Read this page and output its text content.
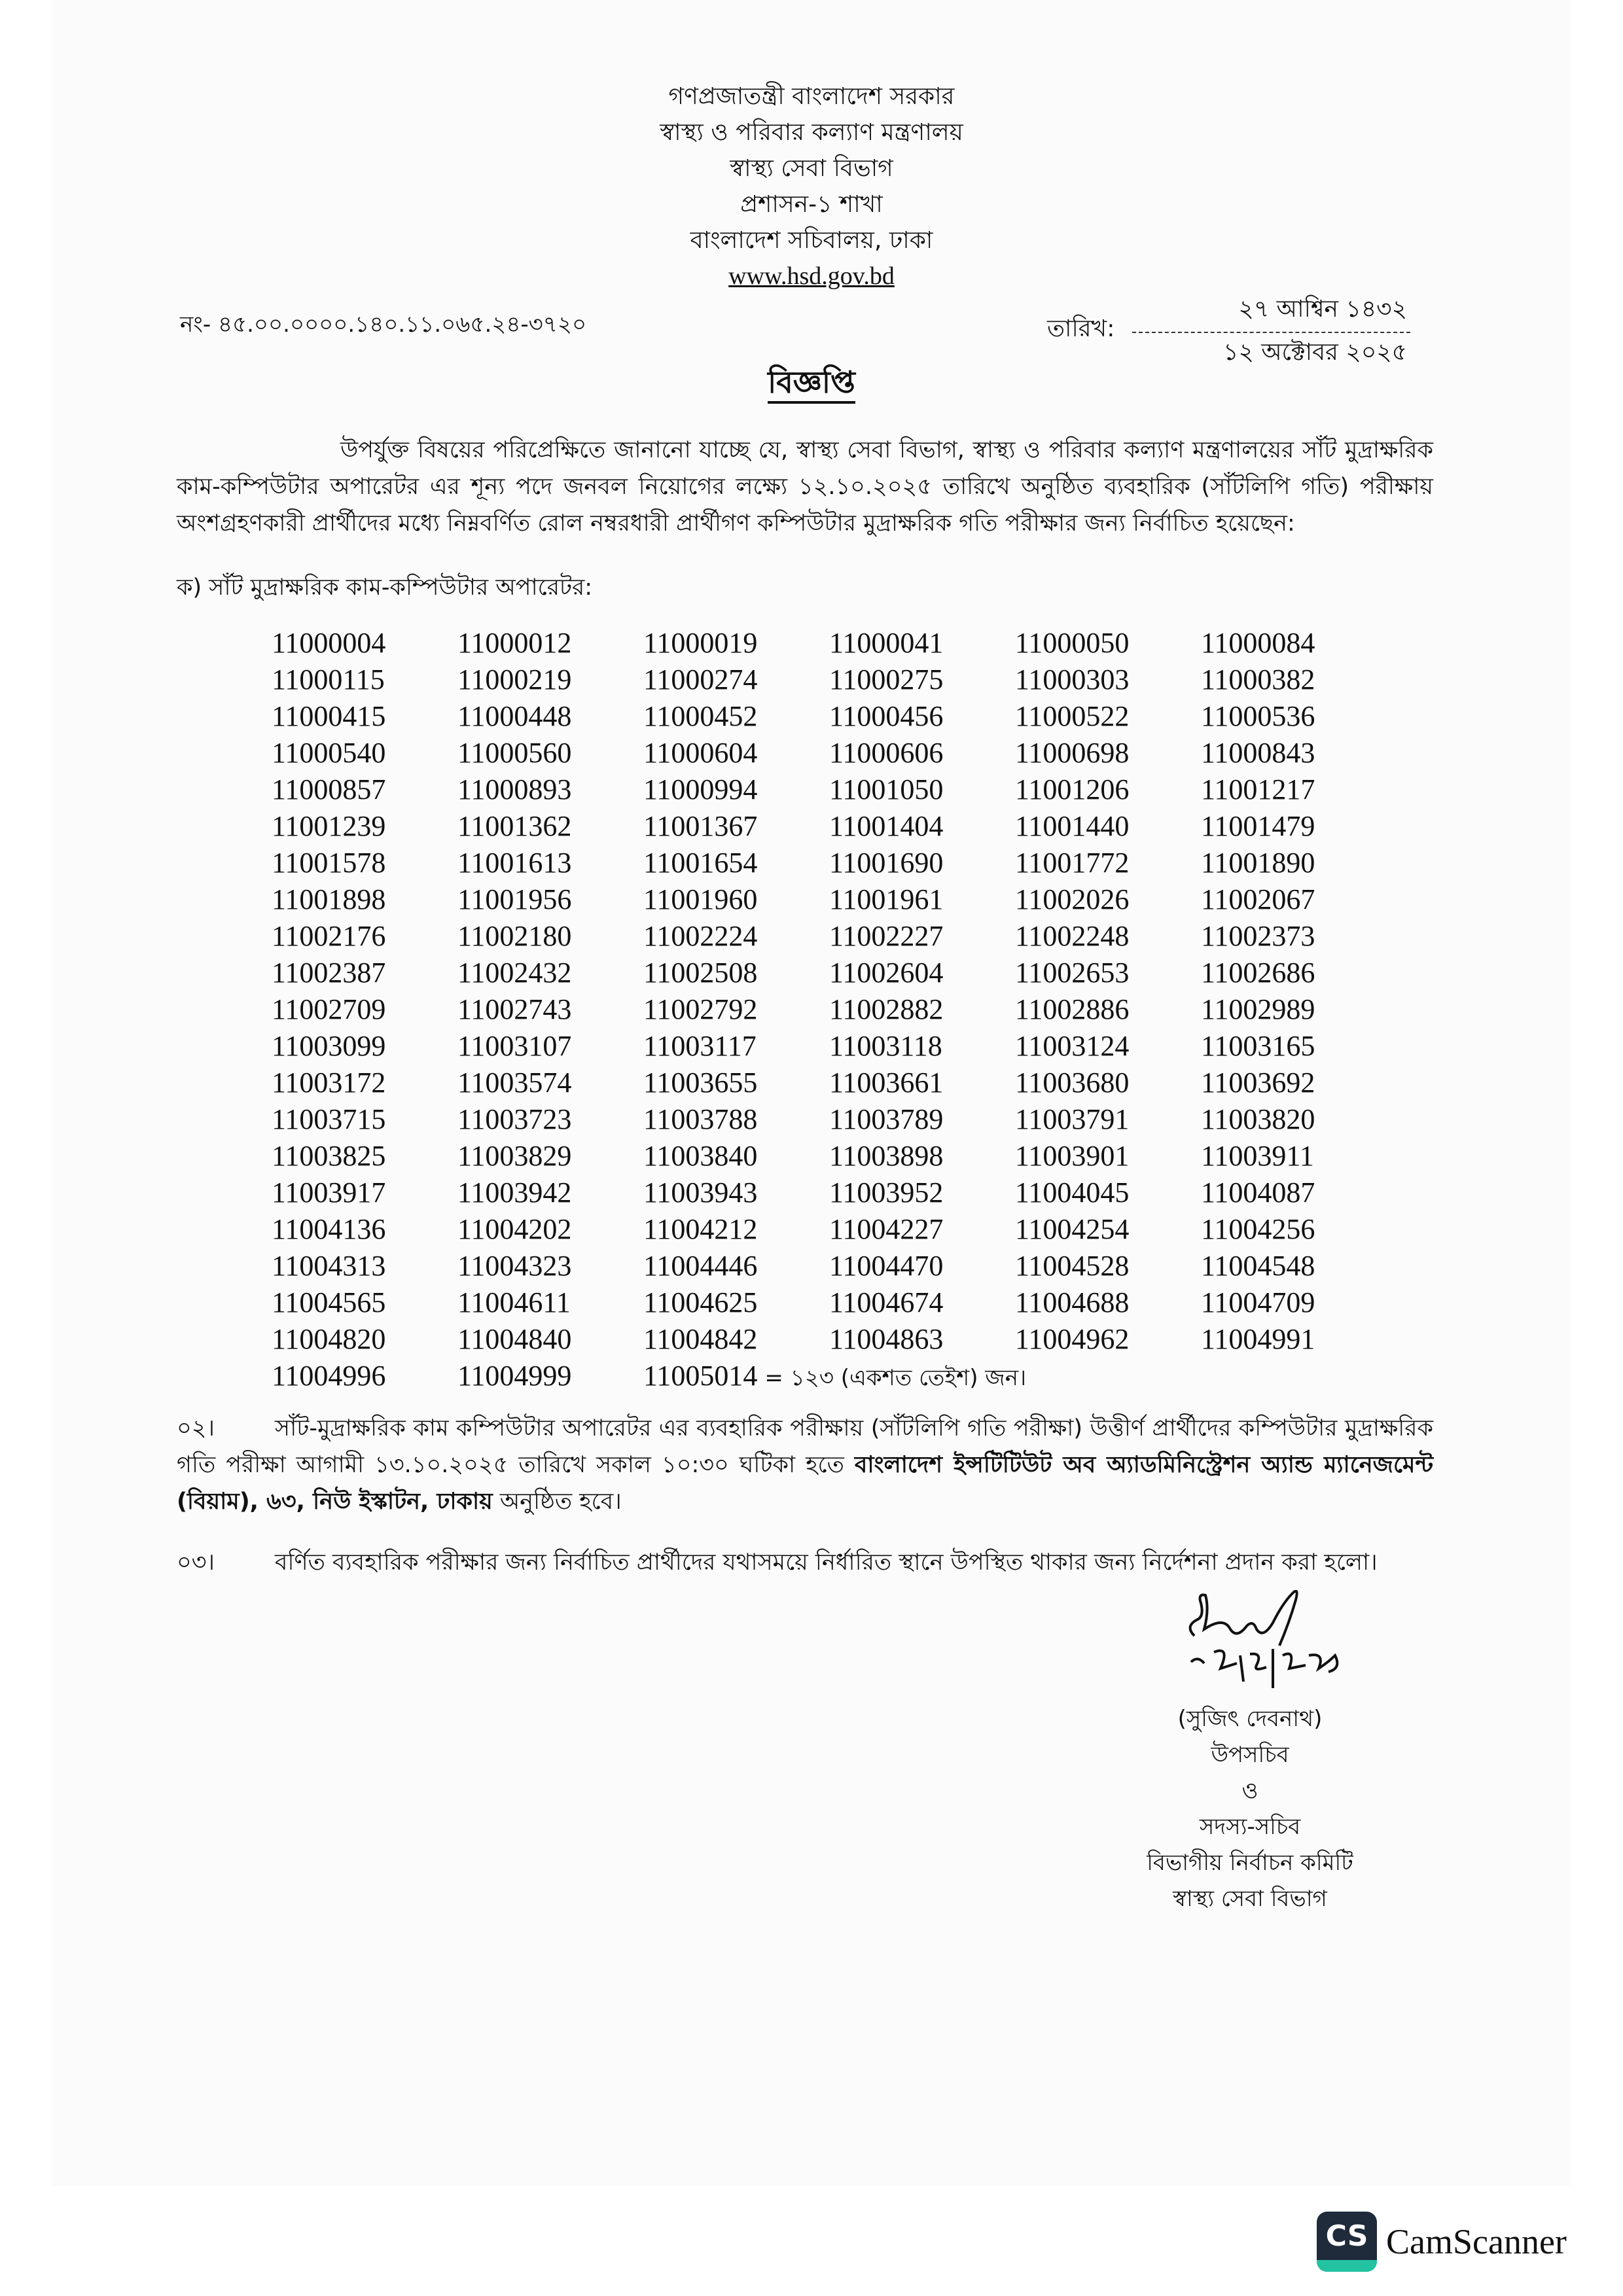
গণপ্রজাতন্ত্রী বাংলাদেশ সরকার
স্বাস্থ্য ও পরিবার কল্যাণ মন্ত্রণালয়
স্বাস্থ্য সেবা বিভাগ
প্রশাসন-১ শাখা
বাংলাদেশ সচিবালয়, ঢাকা
www.hsd.gov.bd
নং- ৪৫.০০.০০০০.১৪০.১১.০৬৫.২৪-৩৭২০	তারিখ:
২৭ আশ্বিন ১৪৩২
১২ অক্টোবর ২০২৫
বিজ্ঞপ্তি
উপর্যুক্ত বিষয়ের পরিপ্রেক্ষিতে জানানো যাচ্ছে যে, স্বাস্থ্য সেবা বিভাগ, স্বাস্থ্য ও পরিবার কল্যাণ মন্ত্রণালয়ের সাঁট মুদ্রাক্ষরিক কাম-কম্পিউটার অপারেটর এর শূন্য পদে জনবল নিয়োগের লক্ষ্যে ১২.১০.২০২৫ তারিখে অনুষ্ঠিত ব্যবহারিক (সাঁটলিপি গতি) পরীক্ষায় অংশগ্রহণকারী প্রার্থীদের মধ্যে নিম্নবর্ণিত রোল নম্বরধারী প্রার্থীগণ কম্পিউটার মুদ্রাক্ষরিক গতি পরীক্ষার জন্য নির্বাচিত হয়েছেন:
ক) সাঁট মুদ্রাক্ষরিক কাম-কম্পিউটার অপারেটর:
11000004	11000012	11000019	11000041	11000050	11000084
11000115	11000219	11000274	11000275	11000303	11000382
11000415	11000448	11000452	11000456	11000522	11000536
11000540	11000560	11000604	11000606	11000698	11000843
11000857	11000893	11000994	11001050	11001206	11001217
11001239	11001362	11001367	11001404	11001440	11001479
11001578	11001613	11001654	11001690	11001772	11001890
11001898	11001956	11001960	11001961	11002026	11002067
11002176	11002180	11002224	11002227	11002248	11002373
11002387	11002432	11002508	11002604	11002653	11002686
11002709	11002743	11002792	11002882	11002886	11002989
11003099	11003107	11003117	11003118	11003124	11003165
11003172	11003574	11003655	11003661	11003680	11003692
11003715	11003723	11003788	11003789	11003791	11003820
11003825	11003829	11003840	11003898	11003901	11003911
11003917	11003942	11003943	11003952	11004045	11004087
11004136	11004202	11004212	11004227	11004254	11004256
11004313	11004323	11004446	11004470	11004528	11004548
11004565	11004611	11004625	11004674	11004688	11004709
11004820	11004840	11004842	11004863	11004962	11004991
11004996	11004999	11005014 = ১২৩ (একশত তেইশ) জন।
০২।	সাঁট-মুদ্রাক্ষরিক কাম কম্পিউটার অপারেটর এর ব্যবহারিক পরীক্ষায় (সাঁটলিপি গতি পরীক্ষা) উত্তীর্ণ প্রার্থীদের কম্পিউটার মুদ্রাক্ষরিক গতি পরীক্ষা আগামী ১৩.১০.২০২৫ তারিখে সকাল ১০:৩০ ঘটিকা হতে বাংলাদেশ ইন্সটিটিউট অব অ্যাডমিনিস্ট্রেশন অ্যান্ড ম্যানেজমেন্ট (বিয়াম), ৬৩, নিউ ইস্কাটন, ঢাকায় অনুষ্ঠিত হবে।
০৩।	বর্ণিত ব্যবহারিক পরীক্ষার জন্য নির্বাচিত প্রার্থীদের যথাসময়ে নির্ধারিত স্থানে উপস্থিত থাকার জন্য নির্দেশনা প্রদান করা হলো।
(সুজিৎ দেবনাথ)
উপসচিব
ও
সদস্য-সচিব
বিভাগীয় নির্বাচন কমিটি
স্বাস্থ্য সেবা বিভাগ
CS CamScanner
